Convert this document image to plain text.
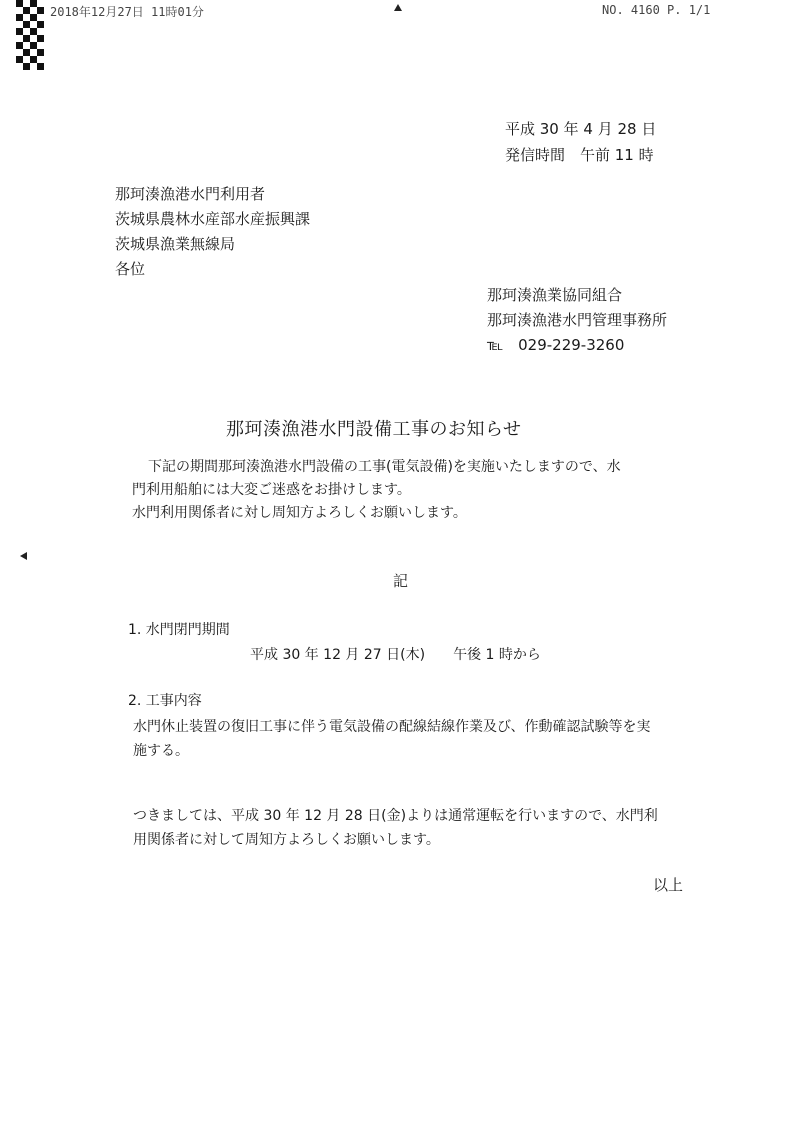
2018年12月27日 11時01分	NO. 4160 P. 1/1
平成 30 年 4 月 28 日
発信時間　午前 11 時
那珂湊漁港水門利用者
茨城県農林水産部水産振興課
茨城県漁業無線局
各位
那珂湊漁業協同組合
那珂湊漁港水門管理事務所
℡　029-229-3260
那珂湊漁港水門設備工事のお知らせ
下記の期間那珂湊漁港水門設備の工事(電気設備)を実施いたしますので、水
門利用船舶には大変ご迷惑をお掛けします。
水門利用関係者に対し周知方よろしくお願いします。
記
1. 水門閉門期間
平成 30 年 12 月 27 日(木)　　午後 1 時から
2. 工事内容
水門休止装置の復旧工事に伴う電気設備の配線結線作業及び、作動確認試験等を実
施する。
つきましては、平成 30 年 12 月 28 日(金)よりは通常運転を行いますので、水門利
用関係者に対して周知方よろしくお願いします。
以上
